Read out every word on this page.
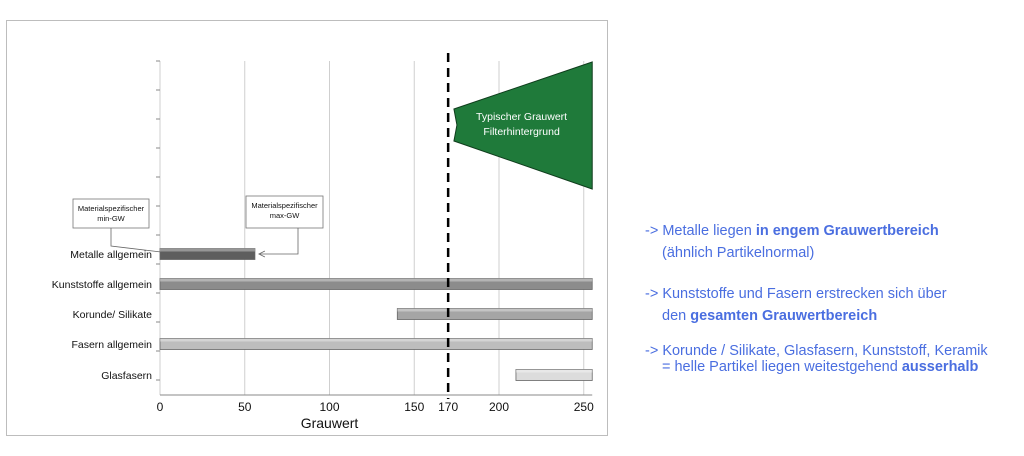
0	50	100	150 170	200	250
Grauwert
Metalle allgemein
Kunststoffe allgemein
Korunde/ Silikate
Fasern allgemein
Glasfasern
Typischer Grauwert
Filterhintergrund
Materialspezifischer
min-GW
Materialspezifischer
max-GW
-> Metalle liegen in engem Grauwertbereich
(ähnlich Partikelnormal)
-> Kunststoffe und Fasern erstrecken sich über
den gesamten Grauwertbereich
-> Korunde / Silikate, Glasfasern, Kunststoff, Keramik
= helle Partikel liegen weitestgehend ausserhalb
